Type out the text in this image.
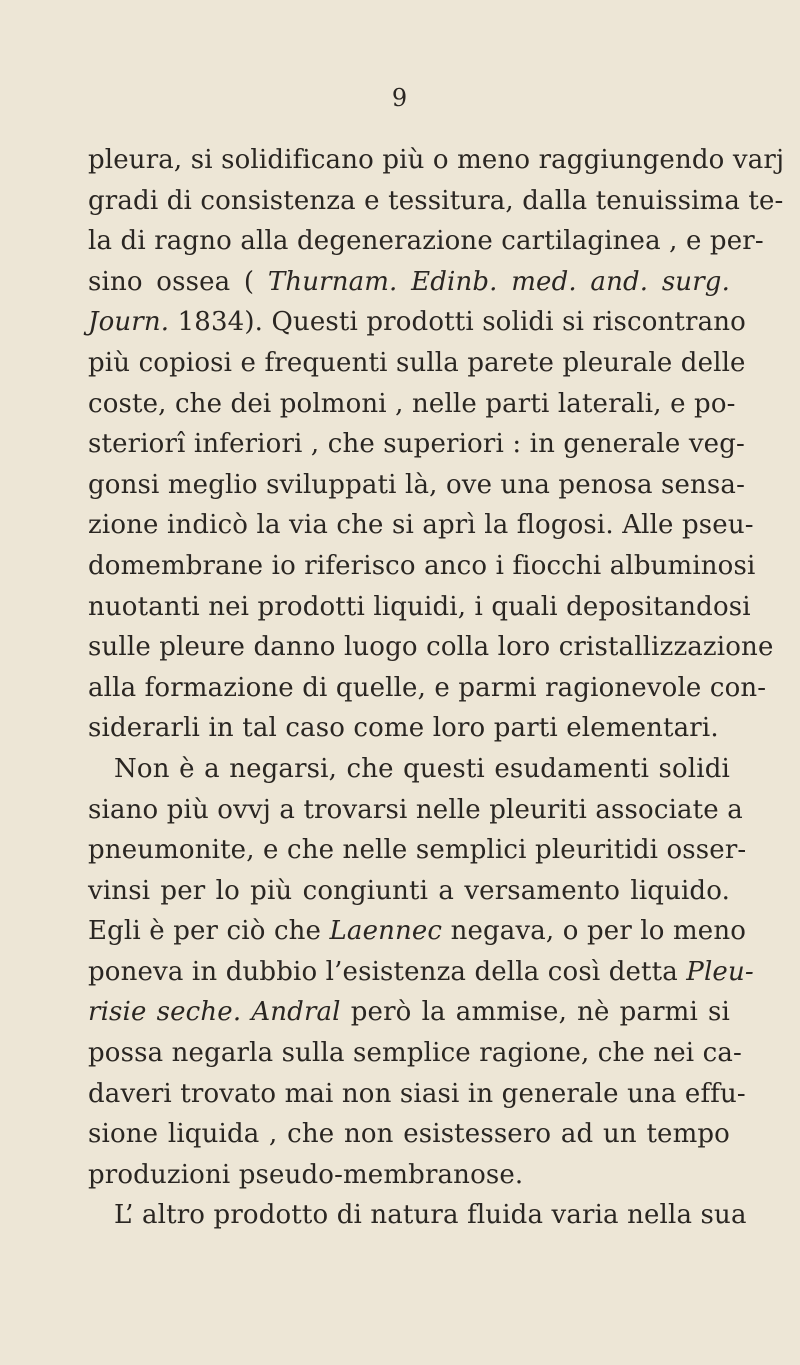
9
pleura, si solidificano più o meno raggiungendo varj
gradi di consistenza e tessitura, dalla tenuissima te-
la di ragno alla degenerazione cartilaginea , e per-
sino ossea ( Thurnam. Edinb. med. and. surg.
Journ. 1834). Questi prodotti solidi si riscontrano
più copiosi e frequenti sulla parete pleurale delle
coste, che dei polmoni , nelle parti laterali, e po-
steriorî inferiori , che superiori : in generale veg-
gonsi meglio sviluppati là, ove una penosa sensa-
zione indicò la via che si aprì la flogosi. Alle pseu-
domembrane io riferisco anco i fiocchi albuminosi
nuotanti nei prodotti liquidi, i quali depositandosi
sulle pleure danno luogo colla loro cristallizzazione
alla formazione di quelle, e parmi ragionevole con-
siderarli in tal caso come loro parti elementari.
Non è a negarsi, che questi esudamenti solidi
siano più ovvj a trovarsi nelle pleuriti associate a
pneumonite, e che nelle semplici pleuritidi osser-
vinsi per lo più congiunti a versamento liquido.
Egli è per ciò che Laennec negava, o per lo meno
poneva in dubbio l’esistenza della così detta Pleu-
risie seche. Andral però la ammise, nè parmi si
possa negarla sulla semplice ragione, che nei ca-
daveri trovato mai non siasi in generale una effu-
sione liquida , che non esistessero ad un tempo
produzioni pseudo-membranose.
L’ altro prodotto di natura fluida varia nella sua
